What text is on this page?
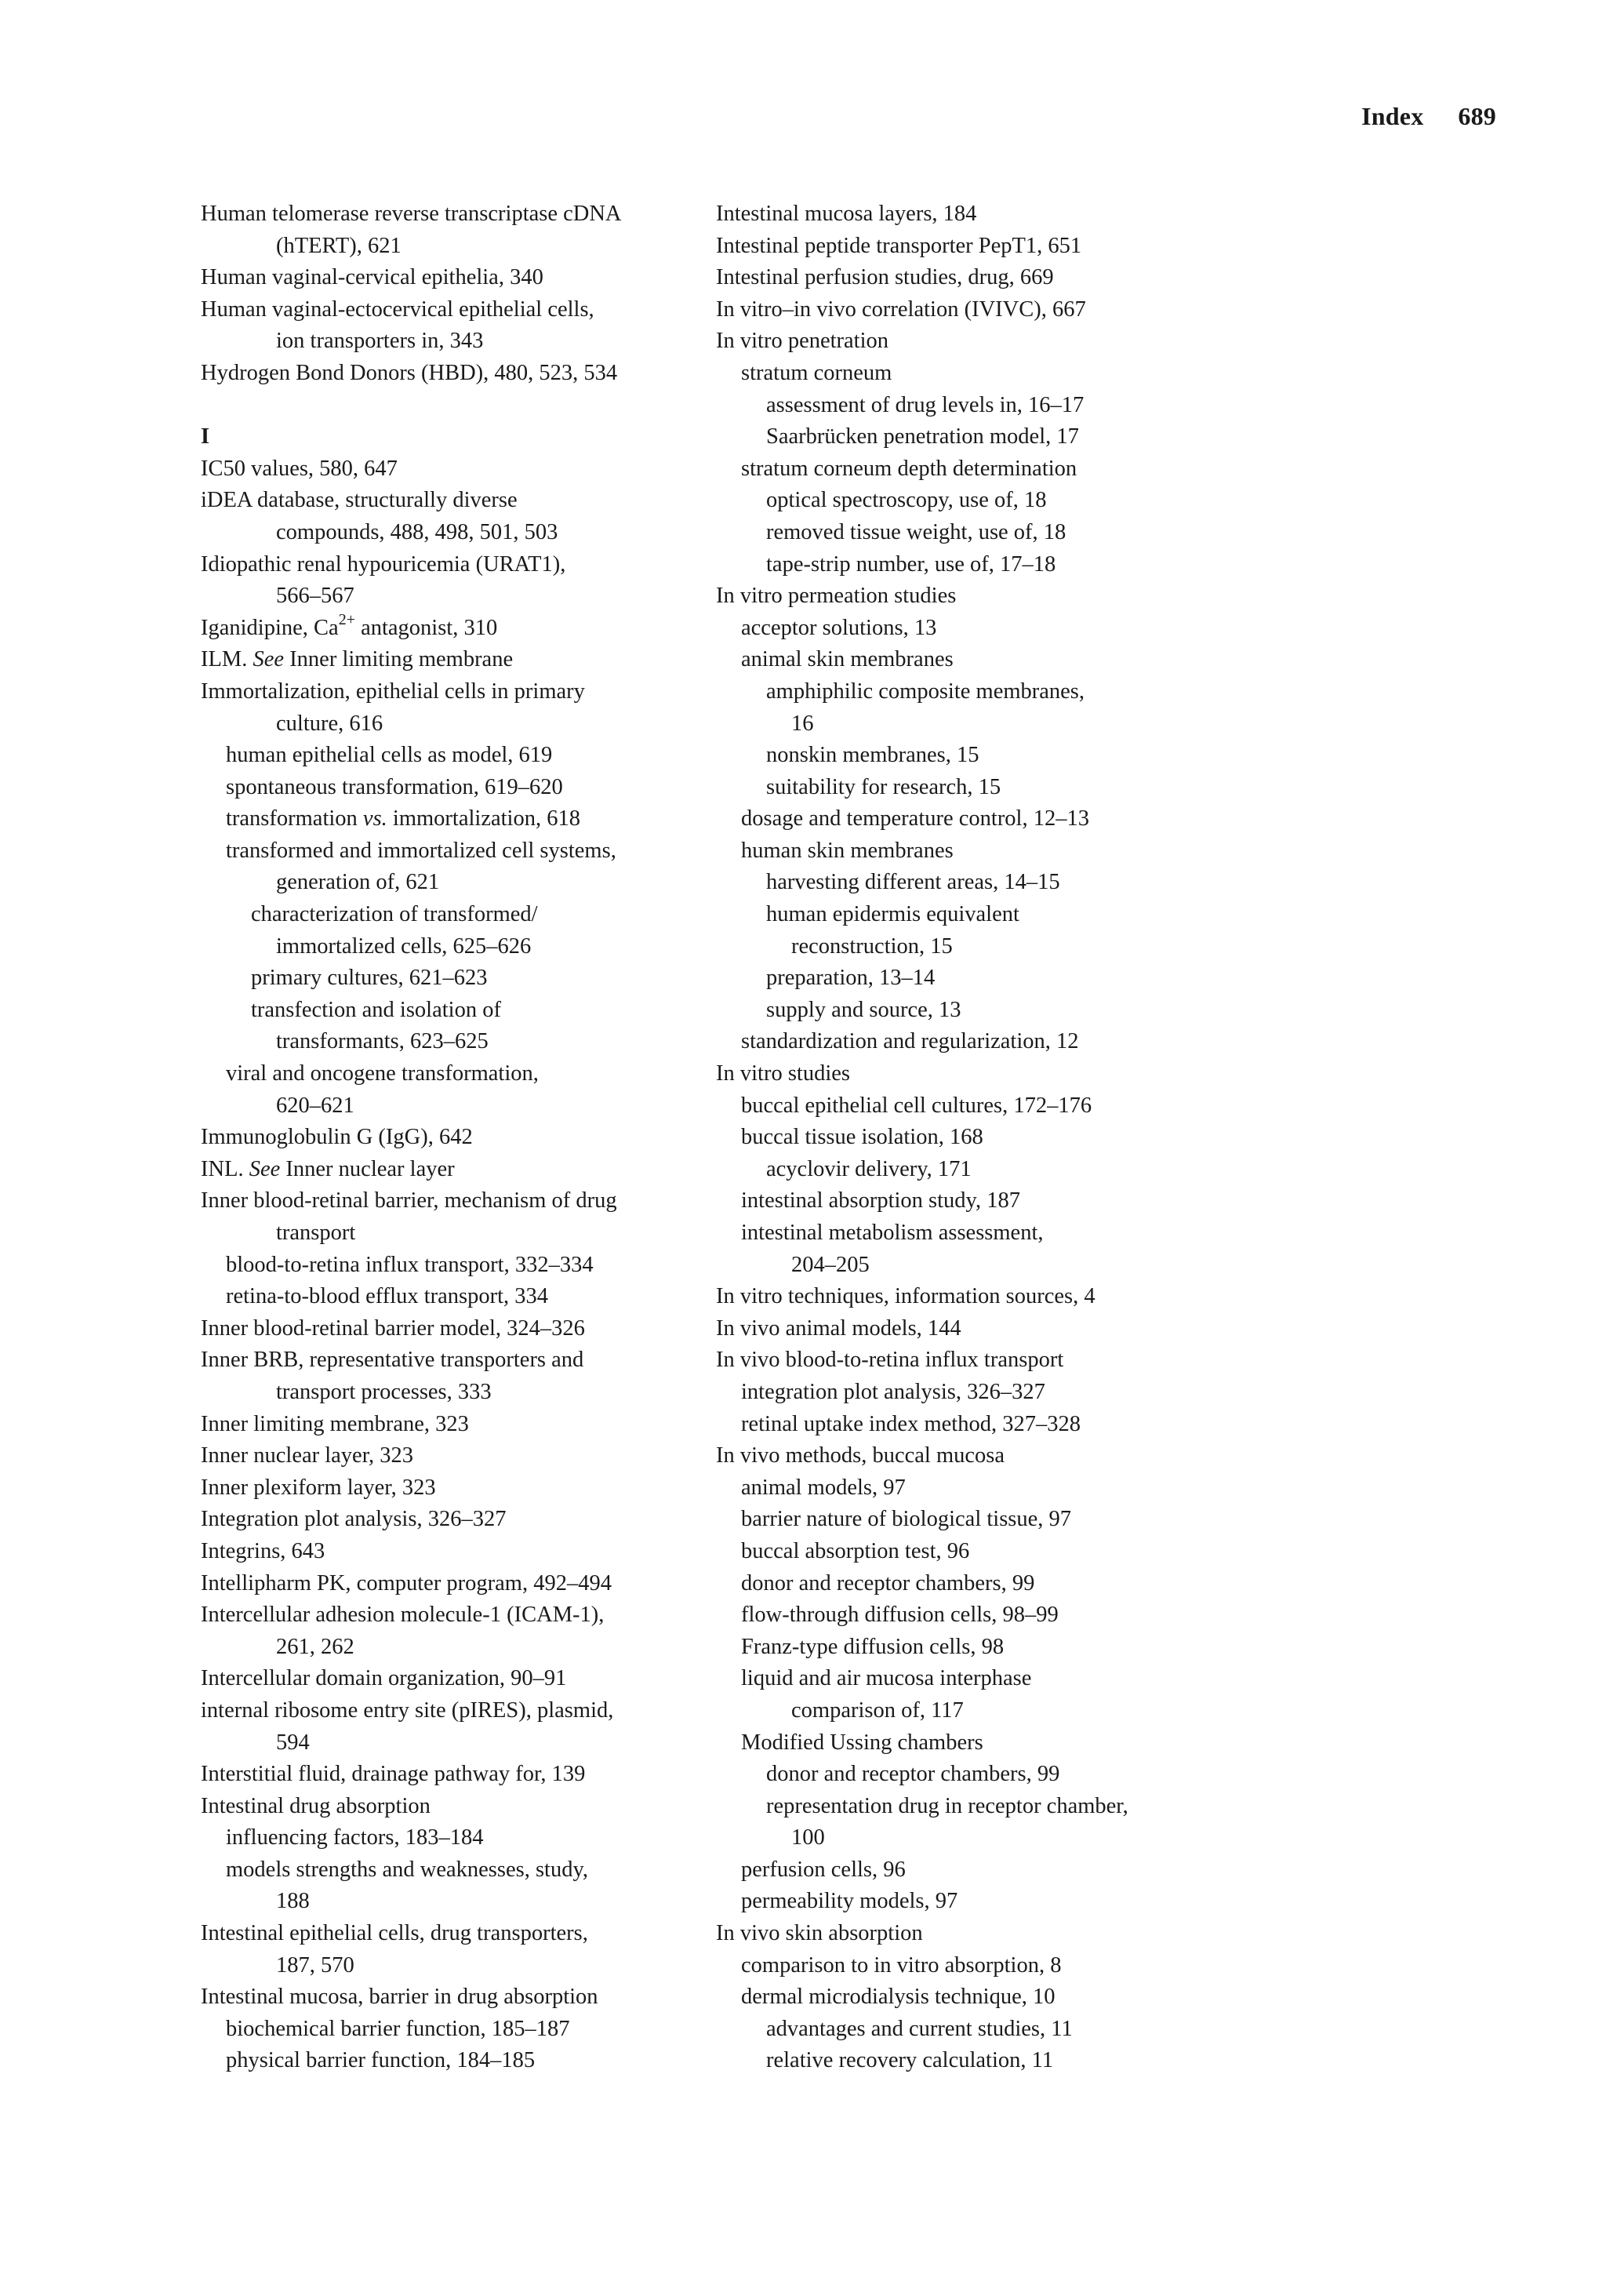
Index 689
Human telomerase reverse transcriptase cDNA
(hTERT), 621
Human vaginal-cervical epithelia, 340
Human vaginal-ectocervical epithelial cells,
ion transporters in, 343
Hydrogen Bond Donors (HBD), 480, 523, 534
I
IC50 values, 580, 647
iDEA database, structurally diverse
compounds, 488, 498, 501, 503
Idiopathic renal hypouricemia (URAT1),
566–567
Iganidipine, $Ca^{2+}$ antagonist, 310
ILM. See Inner limiting membrane
Immortalization, epithelial cells in primary
culture, 616
human epithelial cells as model, 619
spontaneous transformation, 619–620
transformation vs. immortalization, 618
transformed and immortalized cell systems,
generation of, 621
characterization of transformed/
immortalized cells, 625–626
primary cultures, 621–623
transfection and isolation of
transformants, 623–625
viral and oncogene transformation,
620–621
Immunoglobulin G (IgG), 642
INL. See Inner nuclear layer
Inner blood-retinal barrier, mechanism of drug
transport
blood-to-retina influx transport, 332–334
retina-to-blood efflux transport, 334
Inner blood-retinal barrier model, 324–326
Inner BRB, representative transporters and
transport processes, 333
Inner limiting membrane, 323
Inner nuclear layer, 323
Inner plexiform layer, 323
Integration plot analysis, 326–327
Integrins, 643
Intellipharm PK, computer program, 492–494
Intercellular adhesion molecule-1 (ICAM-1),
261, 262
Intercellular domain organization, 90–91
internal ribosome entry site (pIRES), plasmid,
594
Interstitial fluid, drainage pathway for, 139
Intestinal drug absorption
influencing factors, 183–184
models strengths and weaknesses, study,
188
Intestinal epithelial cells, drug transporters,
187, 570
Intestinal mucosa, barrier in drug absorption
biochemical barrier function, 185–187
physical barrier function, 184–185
Intestinal mucosa layers, 184
Intestinal peptide transporter PepT1, 651
Intestinal perfusion studies, drug, 669
In vitro–in vivo correlation (IVIVC), 667
In vitro penetration
stratum corneum
assessment of drug levels in, 16–17
Saarbrücken penetration model, 17
stratum corneum depth determination
optical spectroscopy, use of, 18
removed tissue weight, use of, 18
tape-strip number, use of, 17–18
In vitro permeation studies
acceptor solutions, 13
animal skin membranes
amphiphilic composite membranes,
16
nonskin membranes, 15
suitability for research, 15
dosage and temperature control, 12–13
human skin membranes
harvesting different areas, 14–15
human epidermis equivalent
reconstruction, 15
preparation, 13–14
supply and source, 13
standardization and regularization, 12
In vitro studies
buccal epithelial cell cultures, 172–176
buccal tissue isolation, 168
acyclovir delivery, 171
intestinal absorption study, 187
intestinal metabolism assessment,
204–205
In vitro techniques, information sources, 4
In vivo animal models, 144
In vivo blood-to-retina influx transport
integration plot analysis, 326–327
retinal uptake index method, 327–328
In vivo methods, buccal mucosa
animal models, 97
barrier nature of biological tissue, 97
buccal absorption test, 96
donor and receptor chambers, 99
flow-through diffusion cells, 98–99
Franz-type diffusion cells, 98
liquid and air mucosa interphase
comparison of, 117
Modified Ussing chambers
donor and receptor chambers, 99
representation drug in receptor chamber,
100
perfusion cells, 96
permeability models, 97
In vivo skin absorption
comparison to in vitro absorption, 8
dermal microdialysis technique, 10
advantages and current studies, 11
relative recovery calculation, 11
